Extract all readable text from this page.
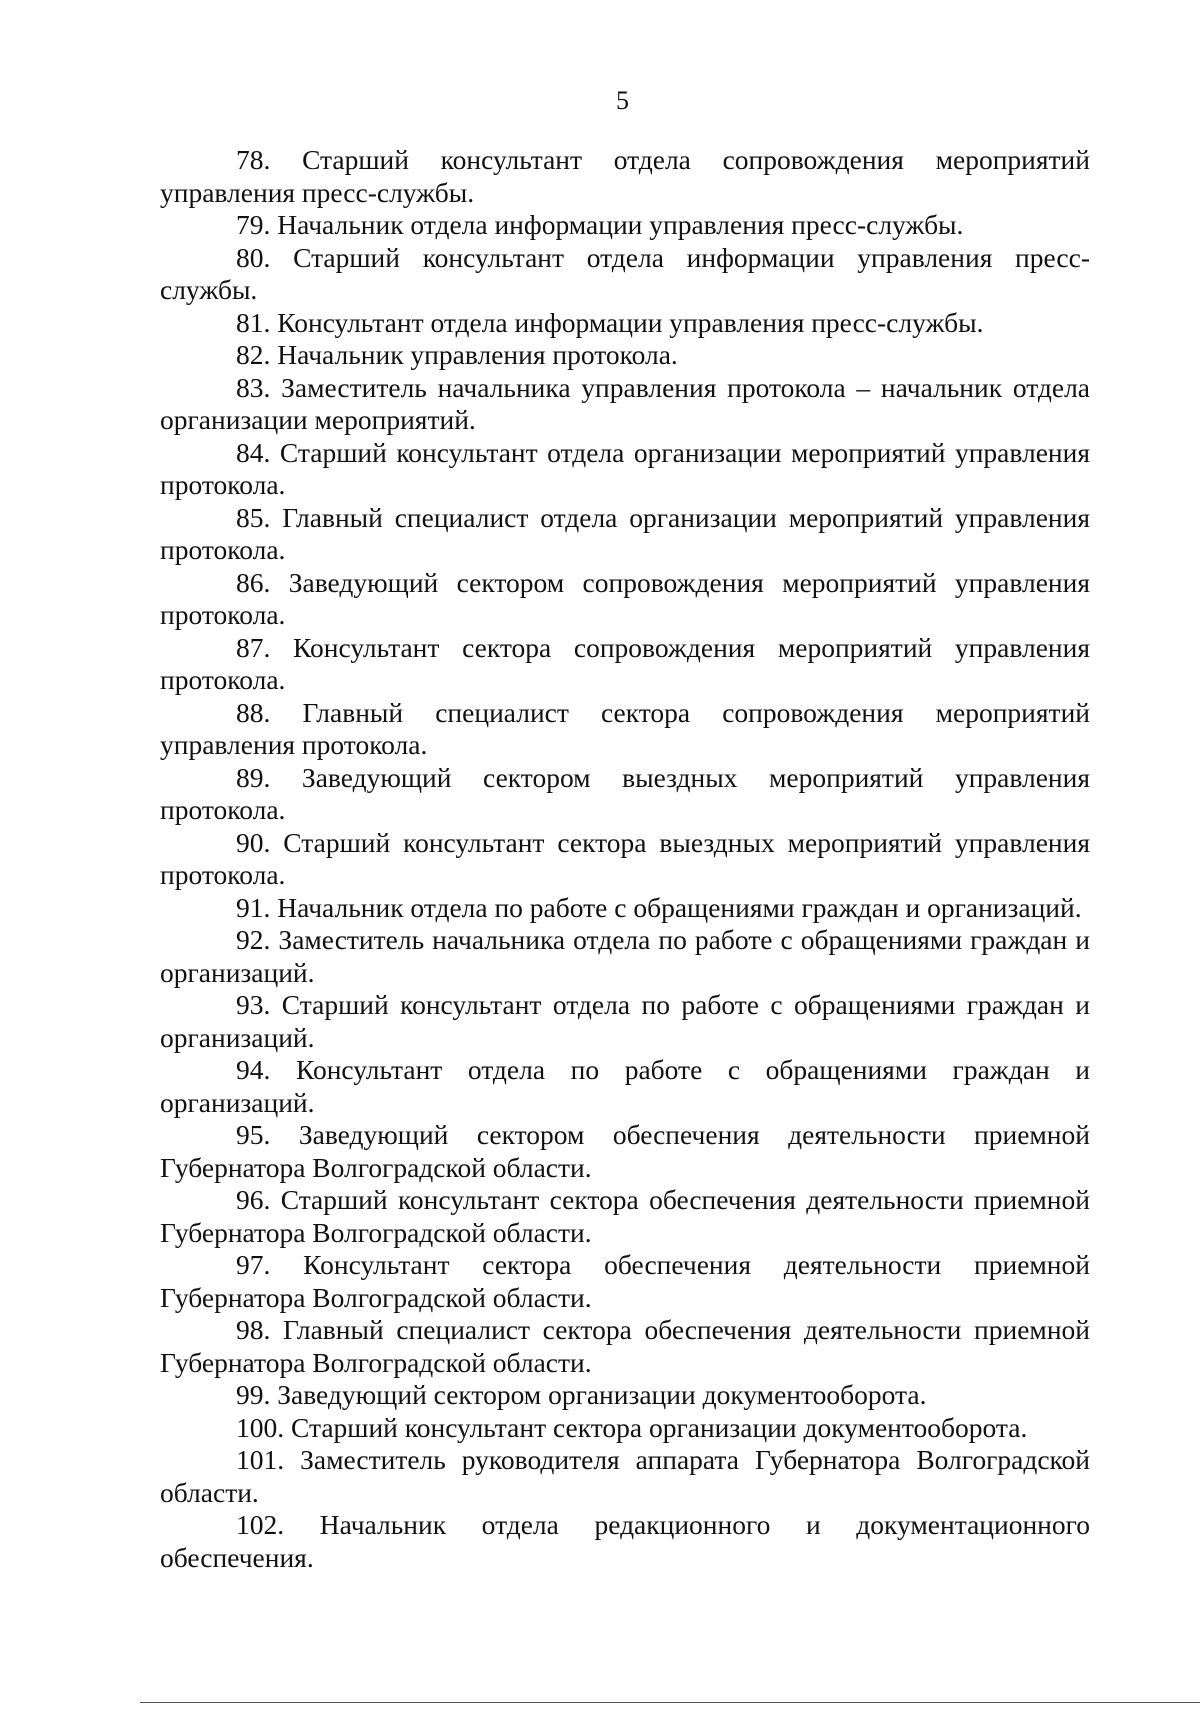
5

78. Старший консультант отдела сопровождения мероприятий управления пресс-службы.

79. Начальник отдела информации управления пресс-службы.

80. Старший консультант отдела информации управления пресс-службы.

81. Консультант отдела информации управления пресс-службы.

82. Начальник управления протокола.

83. Заместитель начальника управления протокола – начальник отдела организации мероприятий.

84. Старший консультант отдела организации мероприятий управления протокола.

85. Главный специалист отдела организации мероприятий управления протокола.

86. Заведующий сектором сопровождения мероприятий управления протокола.

87. Консультант сектора сопровождения мероприятий управления протокола.

88. Главный специалист сектора сопровождения мероприятий управления протокола.

89. Заведующий сектором выездных мероприятий управления протокола.

90. Старший консультант сектора выездных мероприятий управления протокола.

91. Начальник отдела по работе с обращениями граждан и организаций.

92. Заместитель начальника отдела по работе с обращениями граждан и организаций.

93. Старший консультант отдела по работе с обращениями граждан и организаций.

94. Консультант отдела по работе с обращениями граждан и организаций.

95. Заведующий сектором обеспечения деятельности приемной Губернатора Волгоградской области.

96. Старший консультант сектора обеспечения деятельности приемной Губернатора Волгоградской области.

97. Консультант сектора обеспечения деятельности приемной Губернатора Волгоградской области.

98. Главный специалист сектора обеспечения деятельности приемной Губернатора Волгоградской области.

99. Заведующий сектором организации документооборота.

100. Старший консультант сектора организации документооборота.

101. Заместитель руководителя аппарата Губернатора Волгоградской области.

102. Начальник отдела редакционного и документационного обеспечения.
